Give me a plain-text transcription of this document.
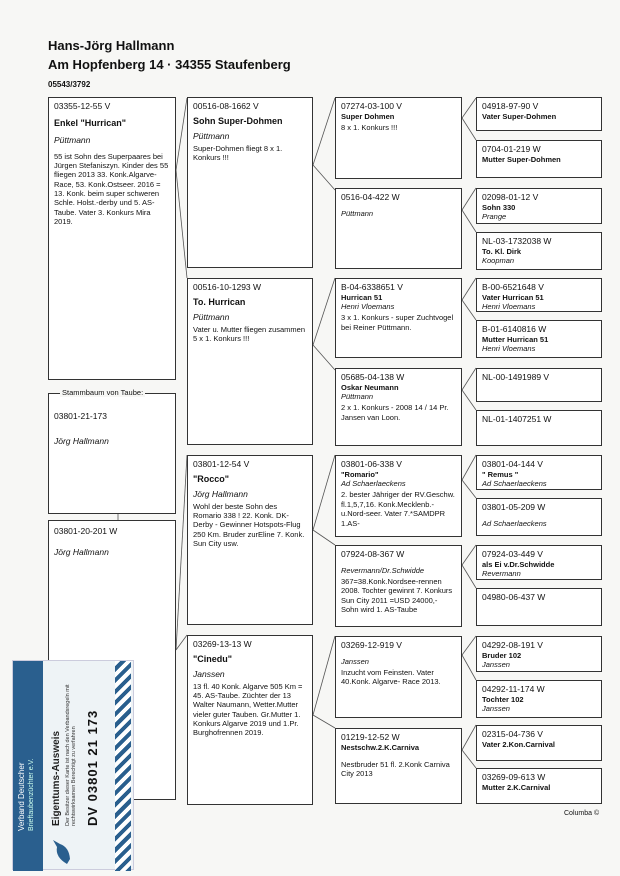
Hans-Jörg Hallmann
Am Hopfenberg 14 · 34355 Staufenberg
05543/3792
03355-12-55 V
Enkel "Hurrican"
Püttmann
55 ist Sohn des Superpaares bei Jürgen Stefaniszyn. Kinder des 55 fliegen 2013 33. Konk.Algarve- Race, 53. Konk.Ostseer. 2016 = 13. Konk. beim super schweren Schle. Holst.-derby und 5. AS- Taube. Vater 3. Konkurs Mira 2019.
03801-21-173
Jörg Hallmann
Stammbaum von Taube:
03801-20-201 W
Jörg Hallmann
00516-08-1662 V
Sohn Super-Dohmen
Püttmann
Super-Dohmen fliegt 8 x 1. Konkurs !!!
00516-10-1293 W
To. Hurrican
Püttmann
Vater u. Mutter fliegen zusammen 5 x 1. Konkurs !!!
03801-12-54 V
"Rocco"
Jörg Hallmann
Wohl der beste Sohn des Romario 338 ! 22. Konk. DK-Derby - Gewinner Hotspots-Flug 250 Km. Bruder zurEline 7. Konk. Sun City usw.
03269-13-13 W
"Cinedu"
Janssen
13 fl. 40 Konk. Algarve 505 Km = 45. AS-Taube. Züchter der 13 Walter Naumann, Wetter.Mutter vieler guter Tauben. Gr.Mutter 1. Konkurs Algarve 2019 und 1.Pr. Burghofrennen 2019.
07274-03-100 V
Super Dohmen
8 x 1. Konkurs !!!
0516-04-422 W
Püttmann
B-04-6338651 V
Hurrican 51
Henri Vloemans
3 x 1. Konkurs - super Zuchtvogel bei Reiner Püttmann.
05685-04-138 W
Oskar Neumann
Püttmann
2 x 1. Konkurs - 2008 14 / 14 Pr. Jansen van Loon.
03801-06-338 V
"Romario"
Ad Schaerlaeckens
2. bester Jähriger der RV.Geschw. fl.1,5,7,16. Konk.Mecklenb.-u.Nord-seer. Vater 7.*SAMDPR 1.AS-
07924-08-367 W
Revermann/Dr.Schwidde
367=38.Konk.Nordsee-rennen 2008. Tochter gewinnt 7. Konkurs Sun City 2011 =USD 24000,- Sohn wird 1. AS-Taube
03269-12-919 V
Janssen
Inzucht vom Feinsten. Vater 40.Konk. Algarve- Race 2013.
01219-12-52 W
Nestschw.2.K.Carniva
Nestbruder 51 fl. 2.Konk Carniva City 2013
04918-97-90 V
Vater Super-Dohmen
0704-01-219 W
Mutter Super-Dohmen
02098-01-12 V
Sohn 330
Prange
NL-03-1732038 W
To. Kl. Dirk
Koopman
B-00-6521648 V
Vater Hurrican 51
Henri Vloemans
B-01-6140816 W
Mutter Hurrican 51
Henri Vloemans
NL-00-1491989 V
NL-01-1407251 W
03801-04-144 V
" Remus "
Ad Schaerlaeckens
03801-05-209 W
Ad Schaerlaeckens
07924-03-449 V
als Ei v.Dr.Schwidde
Revermann
04980-06-437 W
04292-08-191 V
Bruder 102
Janssen
04292-11-174 W
Tochter 102
Janssen
02315-04-736 V
Vater 2.Kon.Carnival
03269-09-613 W
Mutter 2.K.Carnival
Columba ©
Verband Deutscher Brieftaubenzüchter e.V. Eigentums-Ausweis Der Besitzer dieser Karte ist nach den Verbandsregeln mit rechtswirksamen Berechtigt zu verfahren DV 03801 21 173
